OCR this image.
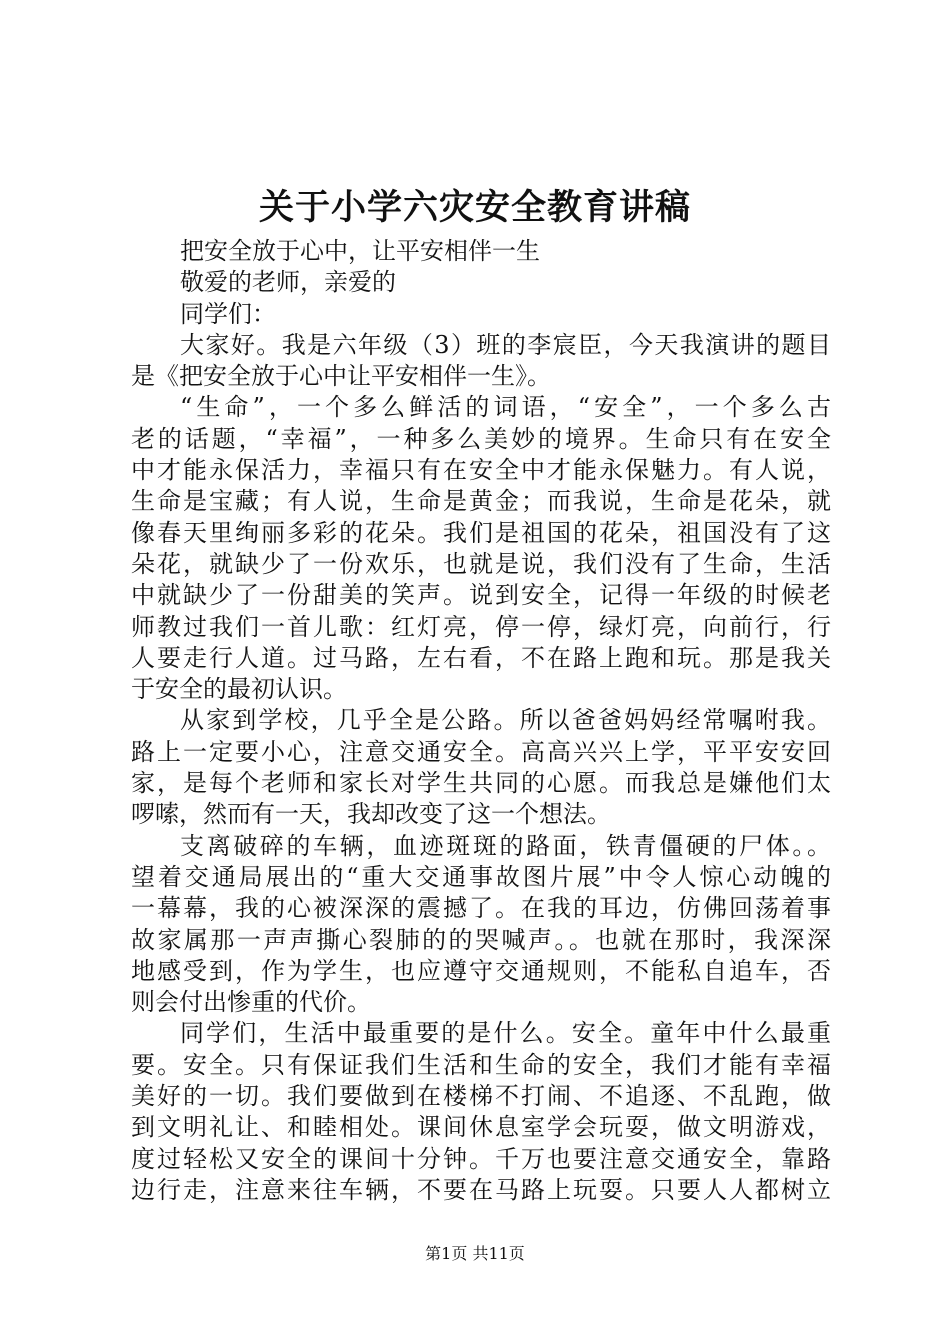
关于小学六灾安全教育讲稿
把安全放于心中，让平安相伴一生
敬爱的老师，亲爱的
同学们：
大家好。我是六年级（3）班的李宸臣，今天我演讲的题目
是《把安全放于心中让平安相伴一生》。
“生命”，一个多么鲜活的词语，“安全”，一个多么古
老的话题，“幸福”，一种多么美妙的境界。生命只有在安全
中才能永保活力，幸福只有在安全中才能永保魅力。有人说，
生命是宝藏；有人说，生命是黄金；而我说，生命是花朵，就
像春天里绚丽多彩的花朵。我们是祖国的花朵，祖国没有了这
朵花，就缺少了一份欢乐，也就是说，我们没有了生命，生活
中就缺少了一份甜美的笑声。说到安全，记得一年级的时候老
师教过我们一首儿歌：红灯亮，停一停，绿灯亮，向前行，行
人要走行人道。过马路，左右看，不在路上跑和玩。那是我关
于安全的最初认识。
从家到学校，几乎全是公路。所以爸爸妈妈经常嘱咐我。
路上一定要小心，注意交通安全。高高兴兴上学，平平安安回
家，是每个老师和家长对学生共同的心愿。而我总是嫌他们太
啰嗦，然而有一天，我却改变了这一个想法。
支离破碎的车辆，血迹斑斑的路面，铁青僵硬的尸体。。
望着交通局展出的“重大交通事故图片展”中令人惊心动魄的
一幕幕，我的心被深深的震撼了。在我的耳边，仿佛回荡着事
故家属那一声声撕心裂肺的的哭喊声。。也就在那时，我深深
地感受到，作为学生，也应遵守交通规则，不能私自追车，否
则会付出惨重的代价。
同学们，生活中最重要的是什么。安全。童年中什么最重
要。安全。只有保证我们生活和生命的安全，我们才能有幸福
美好的一切。我们要做到在楼梯不打闹、不追逐、不乱跑，做
到文明礼让、和睦相处。课间休息室学会玩耍，做文明游戏，
度过轻松又安全的课间十分钟。千万也要注意交通安全，靠路
边行走，注意来往车辆，不要在马路上玩耍。只要人人都树立
第1页 共11页
